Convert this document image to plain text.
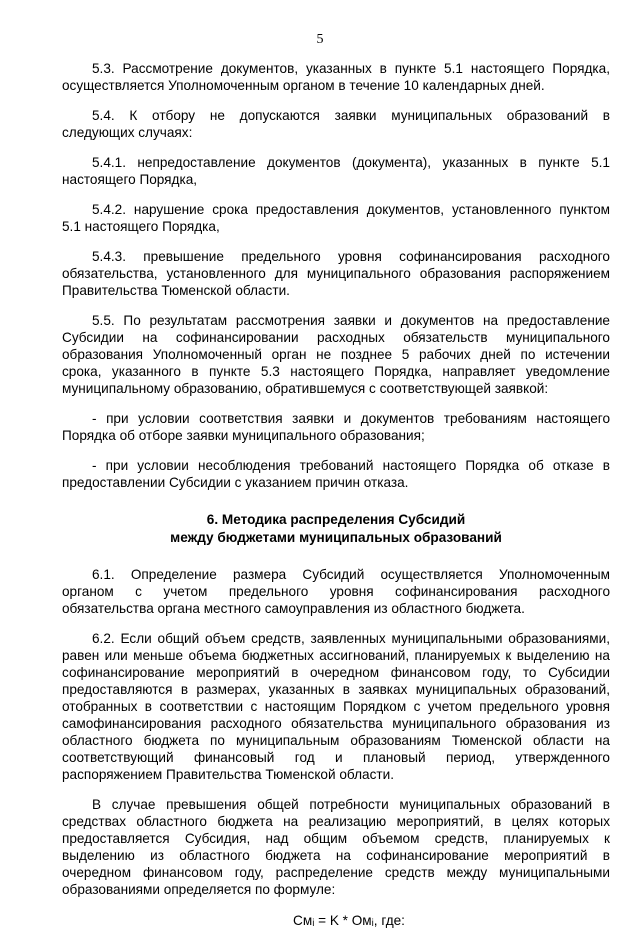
5
5.3. Рассмотрение документов, указанных в пункте 5.1 настоящего Порядка,
осуществляется Уполномоченным органом в течение 10 календарных дней.
5.4. К отбору не допускаются заявки муниципальных образований в
следующих случаях:
5.4.1. непредоставление документов (документа), указанных в пункте 5.1
настоящего Порядка,
5.4.2. нарушение срока предоставления документов, установленного пунктом
5.1 настоящего Порядка,
5.4.3. превышение предельного уровня софинансирования расходного
обязательства, установленного для муниципального образования распоряжением
Правительства Тюменской области.
5.5. По результатам рассмотрения заявки и документов на предоставление
Субсидии на софинансировании расходных обязательств муниципального
образования Уполномоченный орган не позднее 5 рабочих дней по истечении
срока, указанного в пункте 5.3 настоящего Порядка, направляет уведомление
муниципальному образованию, обратившемуся с соответствующей заявкой:
- при условии соответствия заявки и документов требованиям настоящего
Порядка об отборе заявки муниципального образования;
- при условии несоблюдения требований настоящего Порядка об отказе в
предоставлении Субсидии с указанием причин отказа.
6. Методика распределения Субсидий
между бюджетами муниципальных образований
6.1. Определение размера Субсидий осуществляется Уполномоченным
органом с учетом предельного уровня софинансирования расходного
обязательства органа местного самоуправления из областного бюджета.
6.2. Если общий объем средств, заявленных муниципальными образованиями,
равен или меньше объема бюджетных ассигнований, планируемых к выделению на
софинансирование мероприятий в очередном финансовом году, то Субсидии
предоставляются в размерах, указанных в заявках муниципальных образований,
отобранных в соответствии с настоящим Порядком с учетом предельного уровня
самофинансирования расходного обязательства муниципального образования из
областного бюджета по муниципальным образованиям Тюменской области на
соответствующий финансовый год и плановый период, утвержденного
распоряжением Правительства Тюменской области.
В случае превышения общей потребности муниципальных образований в
средствах областного бюджета на реализацию мероприятий, в целях которых
предоставляется Субсидия, над общим объемом средств, планируемых к
выделению из областного бюджета на софинансирование мероприятий в
очередном финансовом году, распределение средств между муниципальными
образованиями определяется по формуле:
Смᵢ = K * Омᵢ, где:
